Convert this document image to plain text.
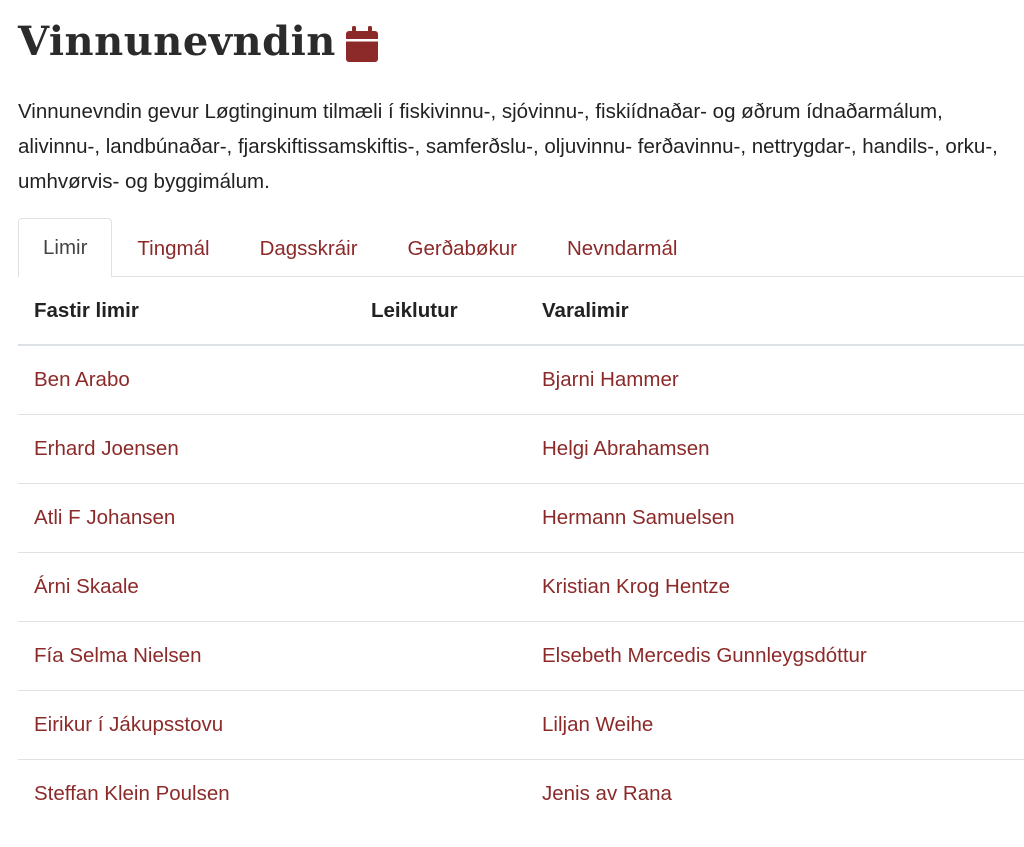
Vinnunevndin

Vinnunevndin gevur Løgtinginum tilmæli í fiskivinnu-, sjóvinnu-, fiskiídnaðar- og øðrum ídnaðarmálum, alivinnu-, landbúnaðar-, fjarskiftissamskiftis-, samferðslu-, oljuvinnu- ferðavinnu-, nettrygdar-, handils-, orku-, umhvørvis- og byggimálum.

Limir	Tingmál	Dagsskráir	Gerðabøkur	Nevndarmál
Fastir limir	Leiklutur	Varalimir
Ben Arabo		Bjarni Hammer
Erhard Joensen		Helgi Abrahamsen
Atli F Johansen		Hermann Samuelsen
Árni Skaale		Kristian Krog Hentze
Fía Selma Nielsen		Elsebeth Mercedis Gunnleygsdóttur
Eirikur í Jákupsstovu		Liljan Weihe
Steffan Klein Poulsen		Jenis av Rana
